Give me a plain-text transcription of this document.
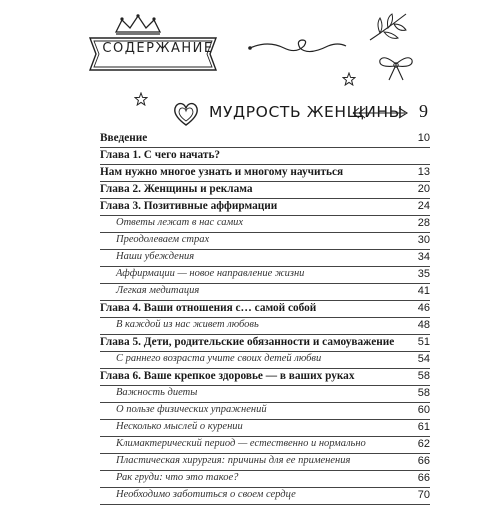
СОДЕРЖАНИЕ
МУДРОСТЬ ЖЕНЩИНЫ 9
Введение	10
Глава 1. С чего начать?
Нам нужно многое узнать и многому научиться	13
Глава 2. Женщины и реклама	20
Глава 3. Позитивные аффирмации	24
Ответы лежат в нас самих	28
Преодолеваем страх	30
Наши убеждения	34
Аффирмации — новое направление жизни	35
Легкая медитация	41
Глава 4. Ваши отношения с… самой собой	46
В каждой из нас живет любовь	48
Глава 5. Дети, родительские обязанности и самоуважение 51
С раннего возраста учите своих детей любви	54
Глава 6. Ваше крепкое здоровье — в ваших руках	58
Важность диеты	58
О пользе физических упражнений	60
Несколько мыслей о курении	61
Климактерический период — естественно и нормально	62
Пластическая хирургия: причины для ее применения	66
Рак груди: что это такое?	66
Необходимо заботиться о своем сердце	70
